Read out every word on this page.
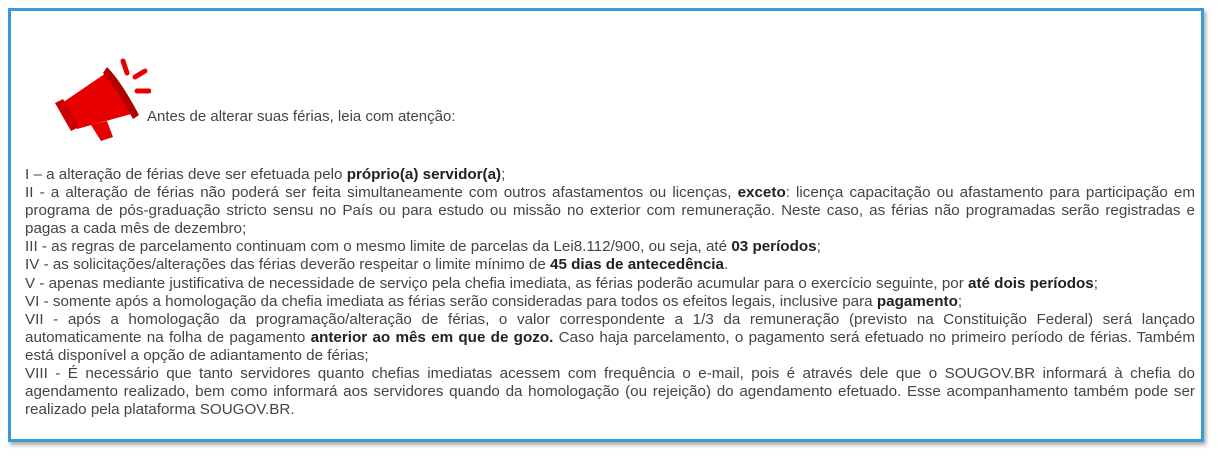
Antes de alterar suas férias, leia com atenção:

I – a alteração de férias deve ser efetuada pelo próprio(a) servidor(a);

II - a alteração de férias não poderá ser feita simultaneamente com outros afastamentos ou licenças, exceto: licença capacitação ou afastamento para participação em programa de pós-graduação stricto sensu no País ou para estudo ou missão no exterior com remuneração. Neste caso, as férias não programadas serão registradas e pagas a cada mês de dezembro;

III - as regras de parcelamento continuam com o mesmo limite de parcelas da Lei8.112/900, ou seja, até 03 períodos;

IV - as solicitações/alterações das férias deverão respeitar o limite mínimo de 45 dias de antecedência.

V - apenas mediante justificativa de necessidade de serviço pela chefia imediata, as férias poderão acumular para o exercício seguinte, por até dois períodos;

VI - somente após a homologação da chefia imediata as férias serão consideradas para todos os efeitos legais, inclusive para pagamento;

VII - após a homologação da programação/alteração de férias, o valor correspondente a 1/3 da remuneração (previsto na Constituição Federal) será lançado automaticamente na folha de pagamento anterior ao mês em que de gozo. Caso haja parcelamento, o pagamento será efetuado no primeiro período de férias. Também está disponível a opção de adiantamento de férias;

VIII - É necessário que tanto servidores quanto chefias imediatas acessem com frequência o e-mail, pois é através dele que o SOUGOV.BR informará à chefia do agendamento realizado, bem como informará aos servidores quando da homologação (ou rejeição) do agendamento efetuado. Esse acompanhamento também pode ser realizado pela plataforma SOUGOV.BR.
